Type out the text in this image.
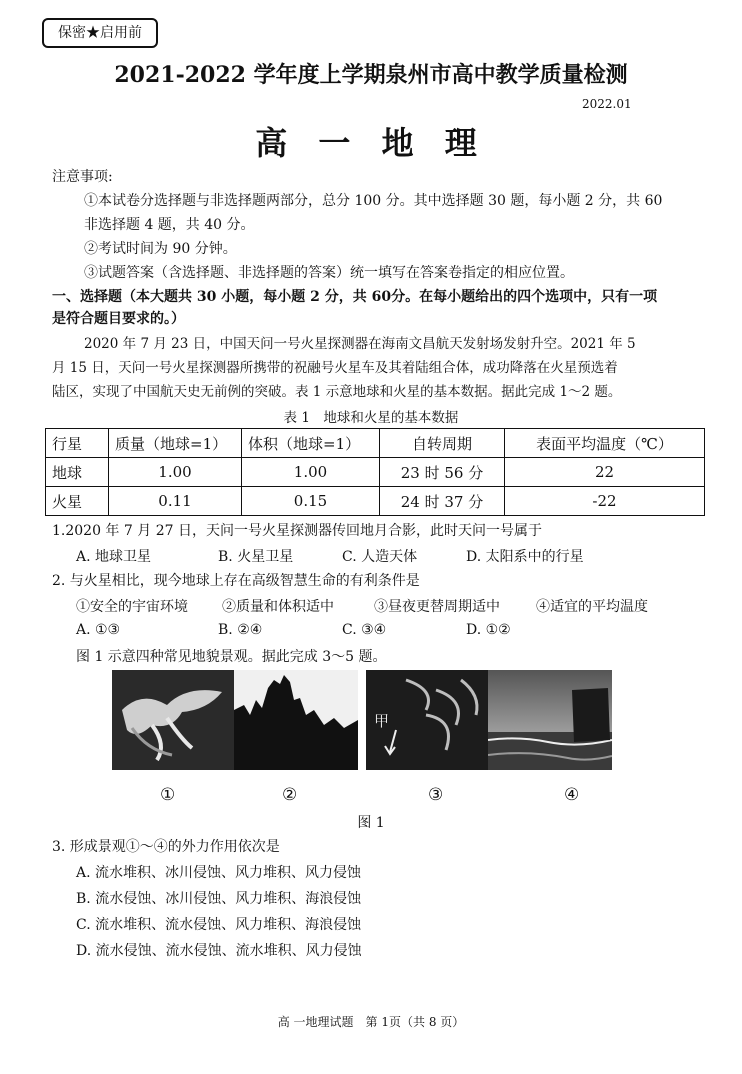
保密★启用前
2021-2022 学年度上学期泉州市高中教学质量检测
2022.01
高 一 地 理
注意事项:
①本试卷分选择题与非选择题两部分，总分 100 分。其中选择题 30 题，每小题 2 分，共 60
非选择题 4 题，共 40 分。
②考试时间为 90 分钟。
③试题答案（含选择题、非选择题的答案）统一填写在答案卷指定的相应位置。
一、选择题（本大题共 30 小题，每小题 2 分，共 60分。在每小题给出的四个选项中，只有一项
是符合题目要求的。）
2020 年 7 月 23 日，中国天问一号火星探测器在海南文昌航天发射场发射升空。2021 年 5
月 15 日，天问一号火星探测器所携带的祝融号火星车及其着陆组合体，成功降落在火星预选着
陆区，实现了中国航天史无前例的突破。表 1 示意地球和火星的基本数据。据此完成 1～2 题。
表 1　地球和火星的基本数据
行星	质量（地球=1）	体积（地球=1）	自转周期	表面平均温度（℃）
地球	1.00	1.00	23 时 56 分	22
火星	0.11	0.15	24 时 37 分	-22
1.2020 年 7 月 27 日，天问一号火星探测器传回地月合影，此时天问一号属于
A. 地球卫星	B. 火星卫星	C. 人造天体	D. 太阳系中的行星
2. 与火星相比，现今地球上存在高级智慧生命的有利条件是
①安全的宇宙环境 ②质量和体积适中	③昼夜更替周期适中	④适宜的平均温度
A. ①③	B. ②④	C. ③④	D. ①②
图 1 示意四种常见地貌景观。据此完成 3～5 题。
甲
①	②	③	④
图 1
3. 形成景观①～④的外力作用依次是
A. 流水堆积、冰川侵蚀、风力堆积、风力侵蚀
B. 流水侵蚀、冰川侵蚀、风力堆积、海浪侵蚀
C. 流水堆积、流水侵蚀、风力堆积、海浪侵蚀
D. 流水侵蚀、流水侵蚀、流水堆积、风力侵蚀
高 一地理试题　第 1页（共 8 页）
